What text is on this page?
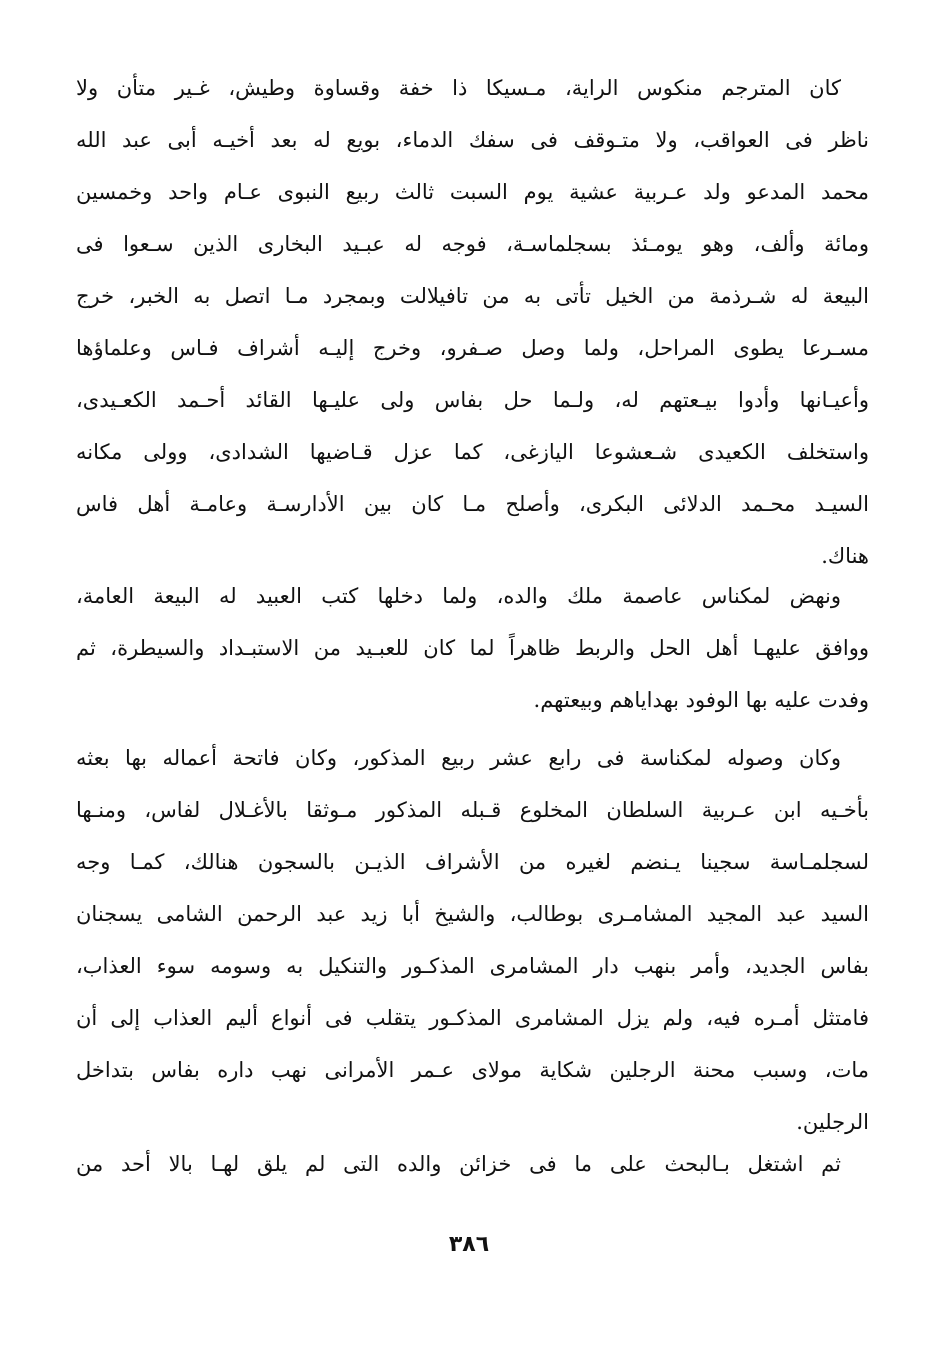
كان المترجم منكوس الراية، مـسيكا ذا خفة وقساوة وطيش، غـير متأن ولا
ناظر فى العواقب، ولا متـوقف فى سفك الدماء، بويع له بعد أخيـه أبى عبد الله
محمد المدعو ولد عـربية عشية يوم السبت ثالث ربيع النبوى عـام واحد وخمسين
ومائة وألف، وهو يومـئذ بسجلماسـة، فوجه له عبـيد البخارى الذين سـعوا فى
البيعة له شـرذمة من الخيل تأتى به من تافيلالت وبمجرد مـا اتصل به الخبر، خرج
مسـرعا يطوى المراحل، ولما وصل صـفرو، وخرج إليـه أشراف فـاس وعلماؤها
وأعيـانها وأدوا بيـعتهم له، ولـما حل بفاس ولى عليـها القائد أحـمد الكعـيدى،
واستخلف الكعيدى شـعشوعا اليازغى، كما عزل قـاضيها الشدادى، وولى مكانه
السيـد محـمد الدلائى البكرى، وأصلح مـا كان بين الأدارسـة وعامـة أهل فاس
هناك.
ونهض لمكناس عاصمة ملك والده، ولما دخلها كتب العبيد له البيعة العامة،
ووافق عليهـا أهل الحل والربط ظاهراً لما كان للعبـيد من الاستبـداد والسيطرة، ثم
وفدت عليه بها الوفود بهداياهم وبيعتهم.
وكان وصوله لمكناسة فى رابع عشر ربيع المذكور، وكان فاتحة أعماله بها بعثه
بأخـيه ابن عـربية السلطان المخلوع قـبله المذكور مـوثقا بالأغـلال لفاس، ومنـها
لسجلمـاسة سجينا يـنضم لغيره من الأشراف الذيـن بالسجون هنالك، كمـا وجه
السيد عبد المجيد المشامـرى بوطالب، والشيخ أبا زيد عبد الرحمن الشامى يسجنان
بفاس الجديد، وأمر بنهب دار المشامرى المذكـور والتنكيل به وسومه سوء العذاب،
فامتثل أمـره فيه، ولم يزل المشامرى المذكـور يتقلب فى أنواع أليم العذاب إلى أن
مات، وسبب محنة الرجلين شكاية مولاى عـمر الأمرانى نهب داره بفاس بتداخل
الرجلين.
ثم اشتغل بـالبحث على ما فى خزائن والده التى لم يلق لهـا بالا أحد من
٣٨٦
